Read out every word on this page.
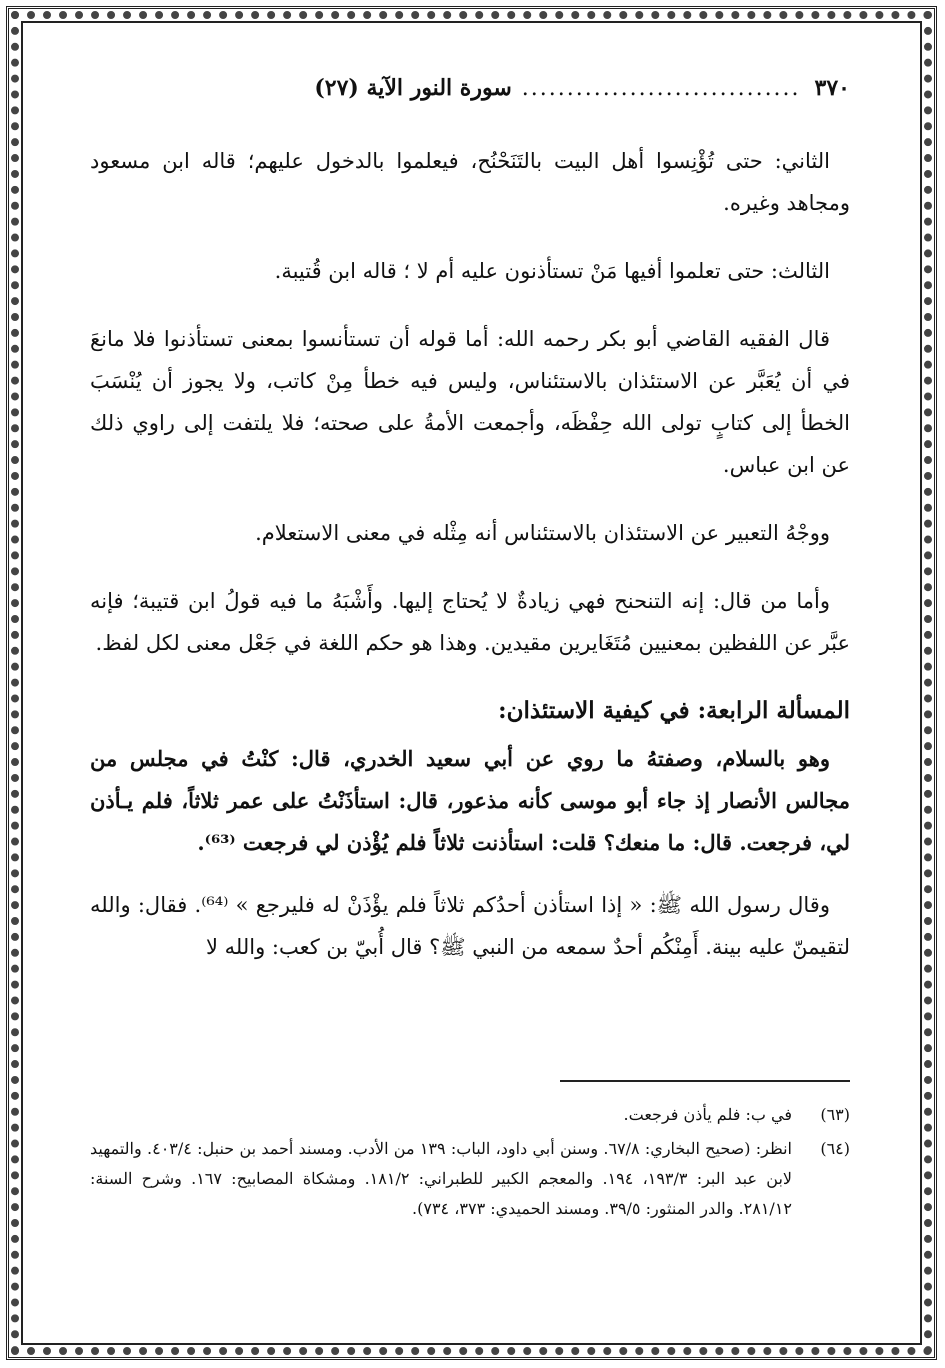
٣٧٠
...............................
سورة النور الآية (٢٧)

الثاني: حتى تُؤْنِسوا أهل البيت بالتَنَحْنُح، فيعلموا بالدخول عليهم؛ قاله ابن مسعود ومجاهد وغيره.

الثالث: حتى تعلموا أفيها مَنْ تستأذنون عليه أم لا ؛ قاله ابن قُتيبة.

قال الفقيه القاضي أبو بكر رحمه الله: أما قوله أن تستأنسوا بمعنى تستأذنوا فلا مانعَ في أن يُعَبَّر عن الاستئذان بالاستئناس، وليس فيه خطأ مِنْ كاتب، ولا يجوز أن يُنْسَبَ الخطأ إلى كتابٍ تولى الله حِفْظَه، وأجمعت الأمةُ على صحته؛ فلا يلتفت إلى راوي ذلك عن ابن عباس.

ووجْهُ التعبير عن الاستئذان بالاستئناس أنه مِثْله في معنى الاستعلام.

وأما من قال: إنه التنحنح فهي زيادةٌ لا يُحتاج إليها. وأَشْبَهُ ما فيه قولُ ابن قتيبة؛ فإنه عبَّر عن اللفظين بمعنيين مُتَغَايرين مقيدين. وهذا هو حكم اللغة في جَعْل معنى لكل لفظ.

المسألة الرابعة: في كيفية الاستئذان:

وهو بالسلام، وصفتهُ ما روي عن أبي سعيد الخدري، قال: كنْتُ في مجلس من مجالس الأنصار إذ جاء أبو موسى كأنه مذعور، قال: استأذَنْتُ على عمر ثلاثاً، فلم يـأذن لي، فرجعت. قال: ما منعك؟ قلت: استأذنت ثلاثاً فلم يُؤْذن لي فرجعت ⁽⁶³⁾.

وقال رسول الله ﷺ: « إذا استأذن أحدُكم ثلاثاً فلم يؤْذَنْ له فليرجع » ⁽⁶⁴⁾. فقال: والله لتقيمنّ عليه بينة. أَمِنْكُم أحدٌ سمعه من النبي ﷺ؟ قال أُبيّ بن كعب: والله لا

(٦٣)
في ب: فلم يأذن فرجعت.
(٦٤)
انظر: (صحيح البخاري: ٦٧/٨. وسنن أبي داود، الباب: ١٣٩ من الأدب. ومسند أحمد بن حنبل: ٤٠٣/٤. والتمهيد لابن عبد البر: ١٩٣/٣، ١٩٤. والمعجم الكبير للطبراني: ١٨١/٢. ومشكاة المصابيح: ١٦٧. وشرح السنة: ٢٨١/١٢. والدر المنثور: ٣٩/٥. ومسند الحميدي: ٣٧٣، ٧٣٤).
